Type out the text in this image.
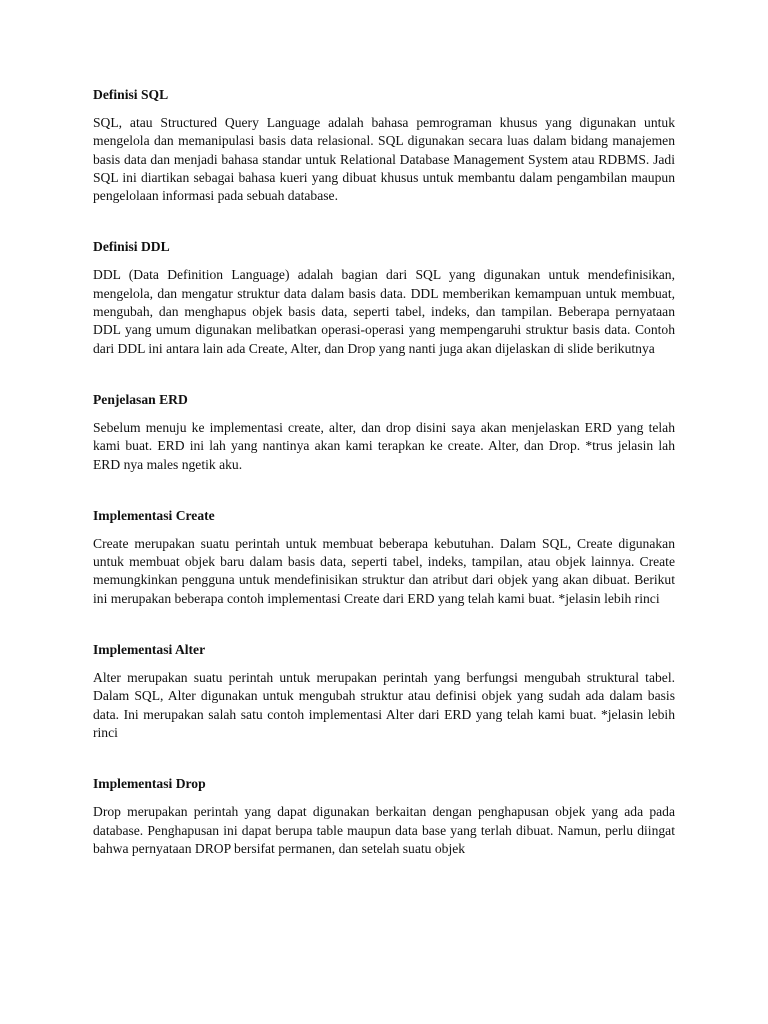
Definisi SQL

SQL, atau Structured Query Language adalah bahasa pemrograman khusus yang digunakan untuk mengelola dan memanipulasi basis data relasional. SQL digunakan secara luas dalam bidang manajemen basis data dan menjadi bahasa standar untuk Relational Database Management System atau RDBMS. Jadi SQL ini diartikan sebagai bahasa kueri yang dibuat khusus untuk membantu dalam pengambilan maupun pengelolaan informasi pada sebuah database.

Definisi DDL

DDL (Data Definition Language) adalah bagian dari SQL yang digunakan untuk mendefinisikan, mengelola, dan mengatur struktur data dalam basis data. DDL memberikan kemampuan untuk membuat, mengubah, dan menghapus objek basis data, seperti tabel, indeks, dan tampilan. Beberapa pernyataan DDL yang umum digunakan melibatkan operasi-operasi yang mempengaruhi struktur basis data. Contoh dari DDL ini antara lain ada Create, Alter, dan Drop yang nanti juga akan dijelaskan di slide berikutnya

Penjelasan ERD

Sebelum menuju ke implementasi create, alter, dan drop disini saya akan menjelaskan ERD yang telah kami buat. ERD ini lah yang nantinya akan kami terapkan ke create. Alter, dan Drop. *trus jelasin lah ERD nya males ngetik aku.

Implementasi Create

Create merupakan suatu perintah untuk membuat beberapa kebutuhan. Dalam SQL, Create digunakan untuk membuat objek baru dalam basis data, seperti tabel, indeks, tampilan, atau objek lainnya. Create memungkinkan pengguna untuk mendefinisikan struktur dan atribut dari objek yang akan dibuat. Berikut ini merupakan beberapa contoh implementasi Create dari ERD yang telah kami buat. *jelasin lebih rinci

Implementasi Alter

Alter merupakan suatu perintah untuk merupakan perintah yang berfungsi mengubah struktural tabel. Dalam SQL, Alter digunakan untuk mengubah struktur atau definisi objek yang sudah ada dalam basis data. Ini merupakan salah satu contoh implementasi Alter dari ERD yang telah kami buat. *jelasin lebih rinci

Implementasi Drop

Drop merupakan perintah yang dapat digunakan berkaitan dengan penghapusan objek yang ada pada database. Penghapusan ini dapat berupa table maupun data base yang terlah dibuat. Namun, perlu diingat bahwa pernyataan DROP bersifat permanen, dan setelah suatu objek
